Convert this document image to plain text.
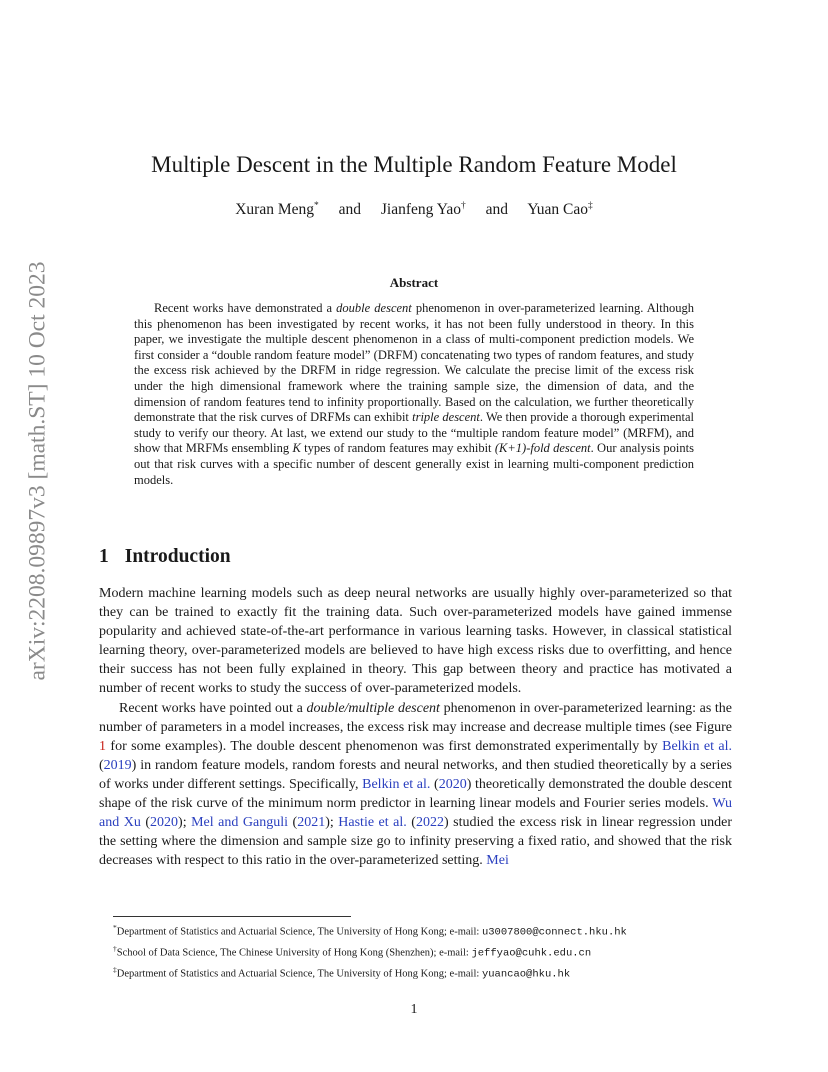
arXiv:2208.09897v3 [math.ST] 10 Oct 2023
Multiple Descent in the Multiple Random Feature Model
Xuran Meng* and Jianfeng Yao† and Yuan Cao‡
Abstract

Recent works have demonstrated a double descent phenomenon in over-parameterized learning. Although this phenomenon has been investigated by recent works, it has not been fully understood in theory. In this paper, we investigate the multiple descent phenomenon in a class of multi-component prediction models. We first consider a “double random feature model” (DRFM) concatenating two types of random features, and study the excess risk achieved by the DRFM in ridge regression. We calculate the precise limit of the excess risk under the high dimensional framework where the training sample size, the dimension of data, and the dimension of random features tend to infinity proportionally. Based on the calculation, we further theoretically demonstrate that the risk curves of DRFMs can exhibit triple descent. We then provide a thorough experimental study to verify our theory. At last, we extend our study to the “multiple random feature model” (MRFM), and show that MRFMs ensembling K types of random features may exhibit (K+1)-fold descent. Our analysis points out that risk curves with a specific number of descent generally exist in learning multi-component prediction models.

1 Introduction

Modern machine learning models such as deep neural networks are usually highly over-parameterized so that they can be trained to exactly fit the training data. Such over-parameterized models have gained immense popularity and achieved state-of-the-art performance in various learning tasks. However, in classical statistical learning theory, over-parameterized models are believed to have high excess risks due to overfitting, and hence their success has not been fully explained in theory. This gap between theory and practice has motivated a number of recent works to study the success of over-parameterized models.

Recent works have pointed out a double/multiple descent phenomenon in over-parameterized learning: as the number of parameters in a model increases, the excess risk may increase and decrease multiple times (see Figure 1 for some examples). The double descent phenomenon was first demonstrated experimentally by Belkin et al. (2019) in random feature models, random forests and neural networks, and then studied theoretically by a series of works under different settings. Specifically, Belkin et al. (2020) theoretically demonstrated the double descent shape of the risk curve of the minimum norm predictor in learning linear models and Fourier series models. Wu and Xu (2020); Mel and Ganguli (2021); Hastie et al. (2022) studied the excess risk in linear regression under the setting where the dimension and sample size go to infinity preserving a fixed ratio, and showed that the risk decreases with respect to this ratio in the over-parameterized setting. Mei

*Department of Statistics and Actuarial Science, The University of Hong Kong; e-mail: u3007800@connect.hku.hk
†School of Data Science, The Chinese University of Hong Kong (Shenzhen); e-mail: jeffyao@cuhk.edu.cn
‡Department of Statistics and Actuarial Science, The University of Hong Kong; e-mail: yuancao@hku.hk
1
